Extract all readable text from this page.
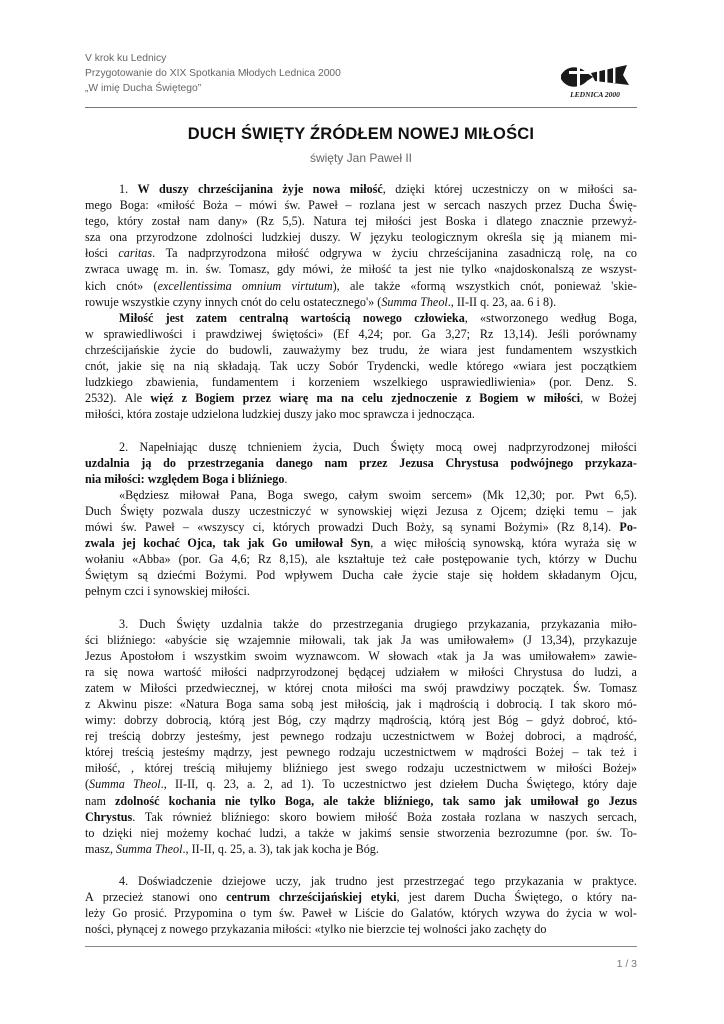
V krok ku Lednicy
Przygotowanie do XIX Spotkania Młodych Lednica 2000
„W imię Ducha Świętego”
LEDNICA 2000
DUCH ŚWIĘTY ŹRÓDŁEM NOWEJ MIŁOŚCI
święty Jan Paweł II
1. W duszy chrześcijanina żyje nowa miłość, dzięki której uczestniczy on w miłości sa-
mego Boga: «miłość Boża – mówi św. Paweł – rozlana jest w sercach naszych przez Ducha Świę-
tego, który został nam dany» (Rz 5,5). Natura tej miłości jest Boska i dlatego znacznie przewyż-
sza ona przyrodzone zdolności ludzkiej duszy. W języku teologicznym określa się ją mianem mi-
łości caritas. Ta nadprzyrodzona miłość odgrywa w życiu chrześcijanina zasadniczą rolę, na co
zwraca uwagę m. in. św. Tomasz, gdy mówi, że miłość ta jest nie tylko «najdoskonalszą ze wszyst-
kich cnót» (excellentissima omnium virtutum), ale także «formą wszystkich cnót, ponieważ 'skie-
rowuje wszystkie czyny innych cnót do celu ostatecznego'» (Summa Theol., II-II q. 23, aa. 6 i 8).
Miłość jest zatem centralną wartością nowego człowieka, «stworzonego według Boga,
w sprawiedliwości i prawdziwej świętości» (Ef 4,24; por. Ga 3,27; Rz 13,14). Jeśli porównamy
chrześcijańskie życie do budowli, zauważymy bez trudu, że wiara jest fundamentem wszystkich
cnót, jakie się na nią składają. Tak uczy Sobór Trydencki, wedle którego «wiara jest początkiem
ludzkiego zbawienia, fundamentem i korzeniem wszelkiego usprawiedliwienia» (por. Denz. S.
2532). Ale więź z Bogiem przez wiarę ma na celu zjednoczenie z Bogiem w miłości, w Bożej
miłości, która zostaje udzielona ludzkiej duszy jako moc sprawcza i jednocząca.
2. Napełniając duszę tchnieniem życia, Duch Święty mocą owej nadprzyrodzonej miłości
uzdalnia ją do przestrzegania danego nam przez Jezusa Chrystusa podwójnego przykaza-
nia miłości: względem Boga i bliźniego.
«Będziesz miłował Pana, Boga swego, całym swoim sercem» (Mk 12,30; por. Pwt 6,5).
Duch Święty pozwala duszy uczestniczyć w synowskiej więzi Jezusa z Ojcem; dzięki temu – jak
mówi św. Paweł – «wszyscy ci, których prowadzi Duch Boży, są synami Bożymi» (Rz 8,14). Po-
zwala jej kochać Ojca, tak jak Go umiłował Syn, a więc miłością synowską, która wyraża się w
wołaniu «Abba» (por. Ga 4,6; Rz 8,15), ale kształtuje też całe postępowanie tych, którzy w Duchu
Świętym są dziećmi Bożymi. Pod wpływem Ducha całe życie staje się hołdem składanym Ojcu,
pełnym czci i synowskiej miłości.
3. Duch Święty uzdalnia także do przestrzegania drugiego przykazania, przykazania miło-
ści bliźniego: «abyście się wzajemnie miłowali, tak jak Ja was umiłowałem» (J 13,34), przykazuje
Jezus Apostołom i wszystkim swoim wyznawcom. W słowach «tak ja Ja was umiłowałem» zawie-
ra się nowa wartość miłości nadprzyrodzonej będącej udziałem w miłości Chrystusa do ludzi, a
zatem w Miłości przedwiecznej, w której cnota miłości ma swój prawdziwy początek. Św. Tomasz
z Akwinu pisze: «Natura Boga sama sobą jest miłością, jak i mądrością i dobrocią. I tak skoro mó-
wimy: dobrzy dobrocią, którą jest Bóg, czy mądrzy mądrością, którą jest Bóg – gdyż dobroć, któ-
rej treścią dobrzy jesteśmy, jest pewnego rodzaju uczestnictwem w Bożej dobroci, a mądrość,
której treścią jesteśmy mądrzy, jest pewnego rodzaju uczestnictwem w mądrości Bożej – tak też i
miłość, , której treścią miłujemy bliźniego jest swego rodzaju uczestnictwem w miłości Bożej»
(Summa Theol., II-II, q. 23, a. 2, ad 1). To uczestnictwo jest dziełem Ducha Świętego, który daje
nam zdolność kochania nie tylko Boga, ale także bliźniego, tak samo jak umiłował go Jezus
Chrystus. Tak również bliźniego: skoro bowiem miłość Boża została rozlana w naszych sercach,
to dzięki niej możemy kochać ludzi, a także w jakimś sensie stworzenia bezrozumne (por. św. To-
masz, Summa Theol., II-II, q. 25, a. 3), tak jak kocha je Bóg.
4. Doświadczenie dziejowe uczy, jak trudno jest przestrzegać tego przykazania w praktyce.
A przecież stanowi ono centrum chrześcijańskiej etyki, jest darem Ducha Świętego, o który na-
leży Go prosić. Przypomina o tym św. Paweł w Liście do Galatów, których wzywa do życia w wol-
ności, płynącej z nowego przykazania miłości: «tylko nie bierzcie tej wolności jako zachęty do
1 / 3
